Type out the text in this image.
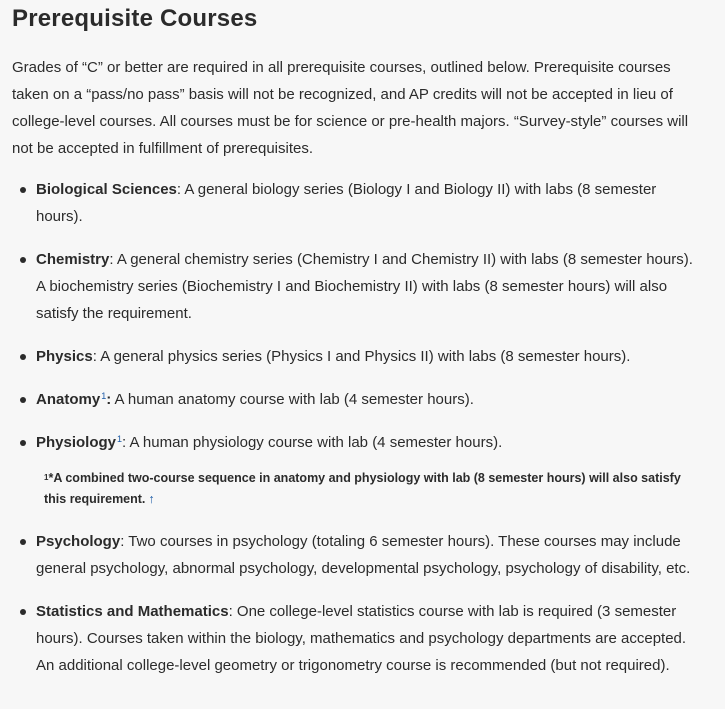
Prerequisite Courses

Grades of “C” or better are required in all prerequisite courses, outlined below. Prerequisite courses taken on a “pass/no pass” basis will not be recognized, and AP credits will not be accepted in lieu of college-level courses. All courses must be for science or pre-health majors. “Survey-style” courses will not be accepted in fulfillment of prerequisites.

Biological Sciences: A general biology series (Biology I and Biology II) with labs (8 semester hours).
Chemistry: A general chemistry series (Chemistry I and Chemistry II) with labs (8 semester hours). A biochemistry series (Biochemistry I and Biochemistry II) with labs (8 semester hours) will also satisfy the requirement.
Physics: A general physics series (Physics I and Physics II) with labs (8 semester hours).
Anatomy$^1$: A human anatomy course with lab (4 semester hours).
Physiology$^1$: A human physiology course with lab (4 semester hours).
$^1$*A combined two-course sequence in anatomy and physiology with lab (8 semester hours) will also satisfy this requirement. ↑
Psychology: Two courses in psychology (totaling 6 semester hours). These courses may include general psychology, abnormal psychology, developmental psychology, psychology of disability, etc.
Statistics and Mathematics: One college-level statistics course with lab is required (3 semester hours). Courses taken within the biology, mathematics and psychology departments are accepted. An additional college-level geometry or trigonometry course is recommended (but not required).
